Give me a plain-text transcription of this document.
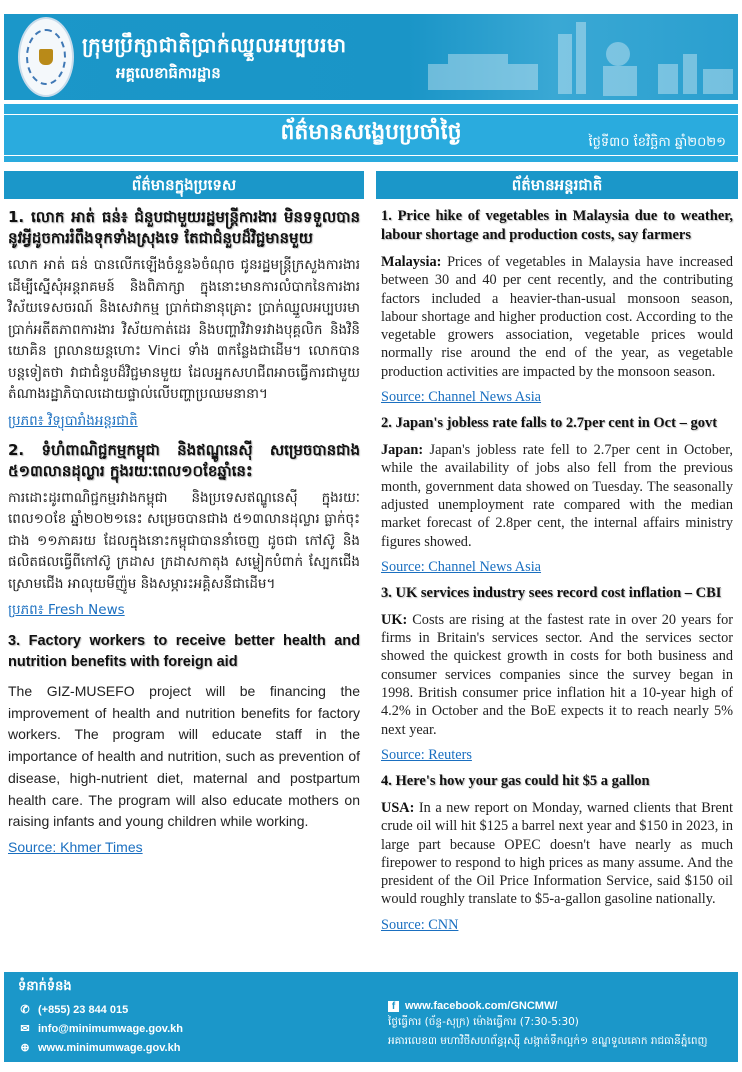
ក្រុមប្រឹក្សាជាតិប្រាក់ឈ្នួលអប្បបរមា
អគ្គលេខាធិការដ្ឋាន
ព័ត៌មានសង្ខេបប្រចាំថ្ងៃ	ថ្ងៃទី៣០ ខែវិច្ឆិកា ឆ្នាំ២០២១
ព័ត៌មានក្នុងប្រទេស
1. លោក អាត់ ធន់៖ ជំនួបជាមួយរដ្ឋមន្ត្រីការងារ មិនទទួលបាននូវអ្វីដូចការរំពឹងទុកទាំងស្រុងទេ តែជាជំនួបដ៏វិជ្ជមានមួយ
លោក អាត់ ធន់ បានលើកឡើងចំនួន៦ចំណុច ជូនរដ្ឋមន្ត្រីក្រសួងការងារ ដើម្បីស្នើសុំអន្តរាគមន៍ និងពិភាក្សា ក្នុងនោះមានការលំបាកនៃការងារវិស័យទេសចរណ៍ និងសេវាកម្ម ប្រាក់ជានានុគ្រោះ ប្រាក់ឈ្នួលអប្បបរមា ប្រាក់អតីតភាពការងារ វិស័យកាត់ដេរ និងបញ្ហាវិវាទរវាងបុគ្គលិក និងវិនិយោគិន ព្រលានយន្តហោះ Vinci ទាំង ៣កន្លែងជាដើម។ លោកបានបន្តទៀតថា វាជាជំនួបដ៏វិជ្ជមានមួយ ដែលអ្នកសហជីពអាចធ្វើការជាមួយតំណាងរដ្ឋាភិបាលដោយផ្ទាល់លើបញ្ហាប្រឈមនានា។
ប្រភព៖ វិទ្យុបារាំងអន្តរជាតិ
2. ទំហំពាណិជ្ជកម្មកម្ពុជា និងឥណ្ឌូនេស៊ី សម្រេចបានជាង ៥១៣លានដុល្លារ ក្នុងរយៈពេល១០ខែឆ្នាំនេះ
ការដោះដូរពាណិជ្ជកម្មរវាងកម្ពុជា និងប្រទេសឥណ្ឌូនេស៊ី ក្នុងរយៈពេល១០ខែ ឆ្នាំ២០២១នេះ សម្រេចបានជាង ៥១៣លានដុល្លារ ធ្លាក់ចុះជាង ១១ភាគរយ ដែលក្នុងនោះកម្ពុជាបាននាំចេញ ដូចជា កៅស៊ូ និងផលិតផលធ្វើពីកៅស៊ូ ក្រដាស ក្រដាសកាតុង សម្លៀកបំពាក់ ស្បែកជើង ស្រោមជើង អាលុយមីញ៉ូម និងសម្ភារះអគ្គិសនីជាដើម។
ប្រភព៖ Fresh News
3. Factory workers to receive better health and nutrition benefits with foreign aid
The GIZ-MUSEFO project will be financing the improvement of health and nutrition benefits for factory workers. The program will educate staff in the importance of health and nutrition, such as prevention of disease, high-nutrient diet, maternal and postpartum health care. The program will also educate mothers on raising infants and young children while working.
Source: Khmer Times
ព័ត៌មានអន្តរជាតិ
1. Price hike of vegetables in Malaysia due to weather, labour shortage and production costs, say farmers
Malaysia: Prices of vegetables in Malaysia have increased between 30 and 40 per cent recently, and the contributing factors included a heavier-than-usual monsoon season, labour shortage and higher production cost. According to the vegetable growers association, vegetable prices would normally rise around the end of the year, as vegetable production activities are impacted by the monsoon season.
Source: Channel News Asia
2. Japan's jobless rate falls to 2.7per cent in Oct – govt
Japan: Japan's jobless rate fell to 2.7per cent in October, while the availability of jobs also fell from the previous month, government data showed on Tuesday. The seasonally adjusted unemployment rate compared with the median market forecast of 2.8per cent, the internal affairs ministry figures showed.
Source: Channel News Asia
3. UK services industry sees record cost inflation – CBI
UK: Costs are rising at the fastest rate in over 20 years for firms in Britain's services sector. And the services sector showed the quickest growth in costs for both business and consumer services companies since the survey began in 1998. British consumer price inflation hit a 10-year high of 4.2% in October and the BoE expects it to reach nearly 5% next year.
Source: Reuters
4. Here's how your gas could hit $5 a gallon
USA: In a new report on Monday, warned clients that Brent crude oil will hit $125 a barrel next year and $150 in 2023, in large part because OPEC doesn't have nearly as much firepower to respond to high prices as many assume. And the president of the Oil Price Information Service, said $150 oil would roughly translate to $5-a-gallon gasoline nationally.
Source: CNN
ទំនាក់ទំនង
✆ (+855) 23 844 015
✉ info@minimumwage.gov.kh
⊕ www.minimumwage.gov.kh
f www.facebook.com/GNCMW/
ថ្ងៃធ្វើការ (ច័ន្ទ-សុក្រ) ម៉ោងធ្វើការ (7:30-5:30)
អគារលេខ៣ មហាវិថីសហព័ន្ធរុស្ស៊ី សង្កាត់ទឹកល្អក់១ ខណ្ឌទួលគោក រាជធានីភ្នំពេញ
